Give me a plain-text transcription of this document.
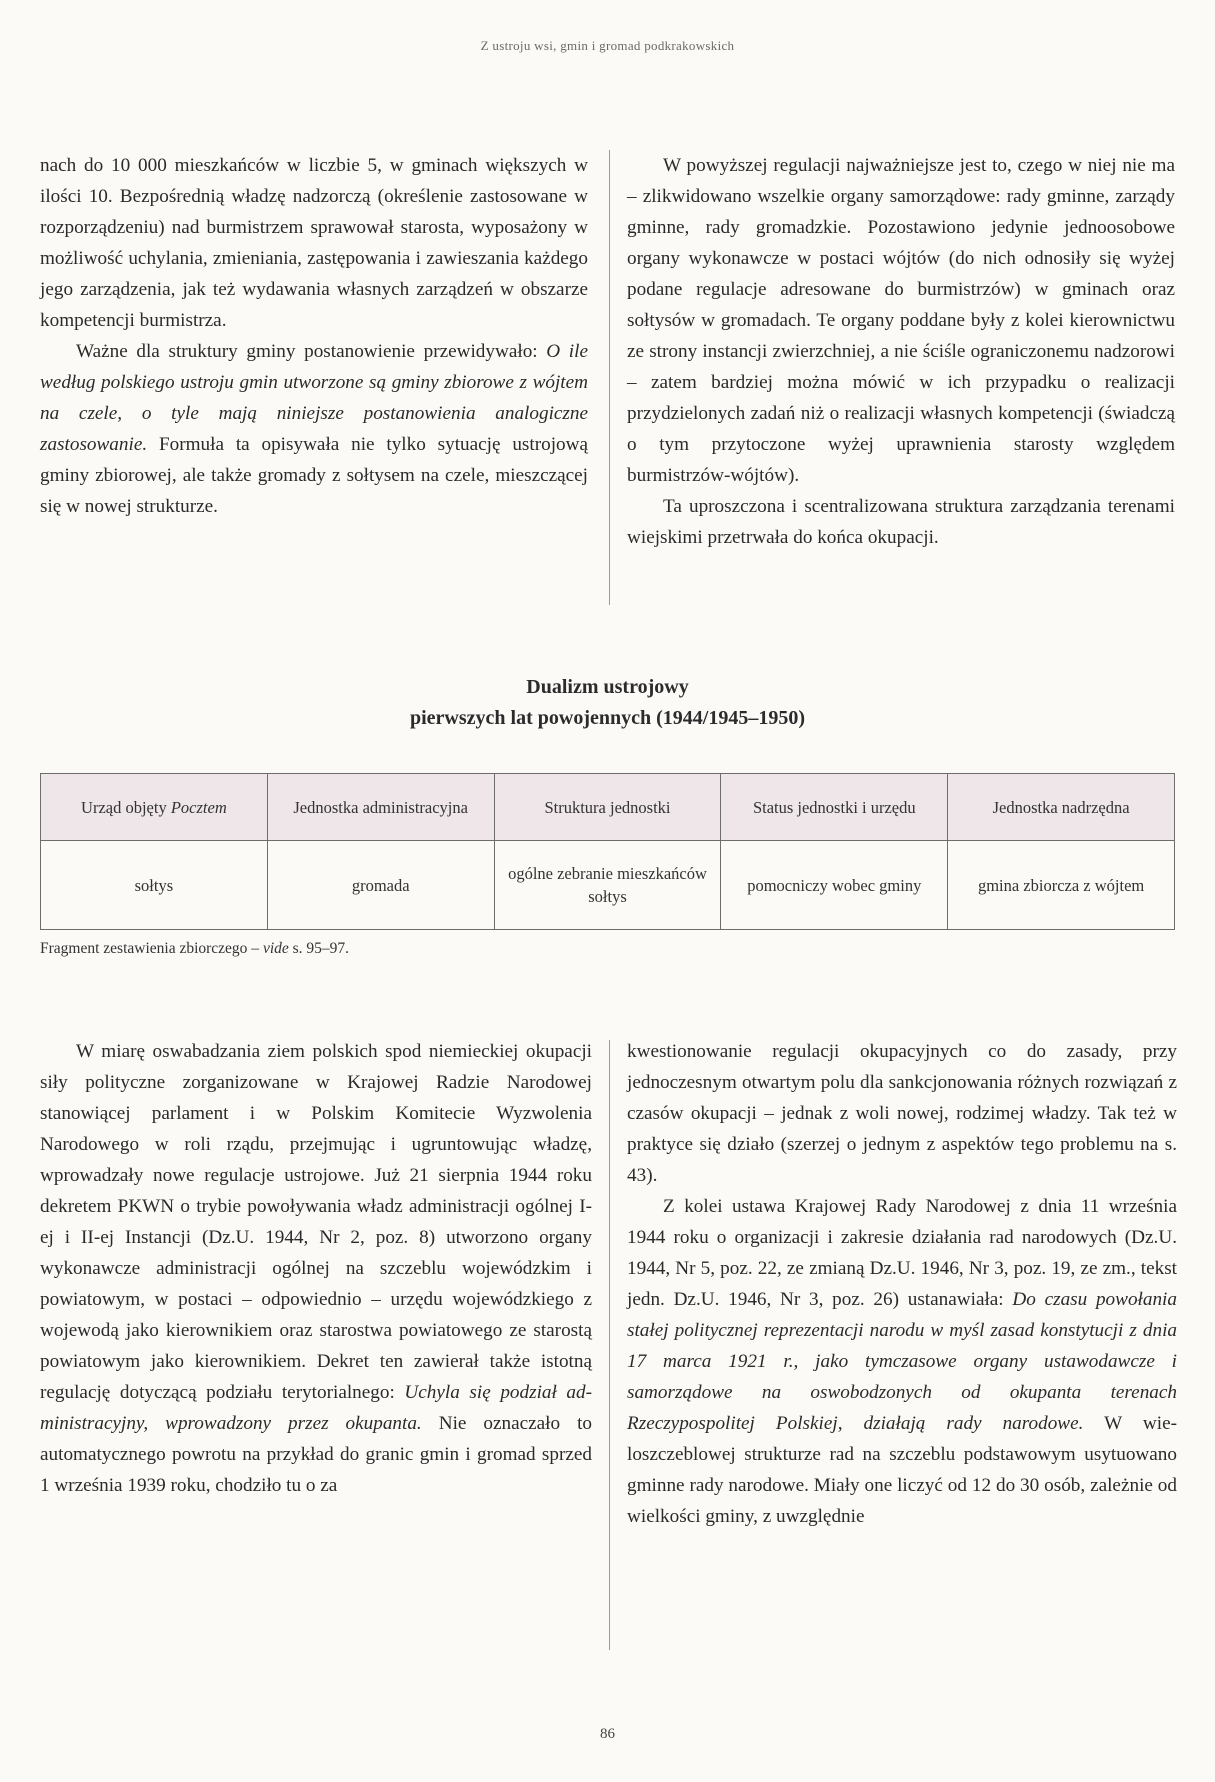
Z ustroju wsi, gmin i gromad podkrakowskich

nach do 10 000 mieszkańców w liczbie 5, w gminach większych w ilości 10. Bezpośrednią władzę nadzorczą (określenie zastosowane w rozporządzeniu) nad burmistrzem sprawował starosta, wyposażony w możliwość uchylania, zmieniania, zastępowania i zawieszania każdego jego zarządzenia, jak też wydawania własnych zarządzeń w obszarze kompetencji burmistrza.

Ważne dla struktury gminy postanowienie przewidywało: O ile według polskiego ustroju gmin utworzone są gminy zbiorowe z wójtem na czele, o tyle mają niniejsze postanowienia analogiczne zastosowanie. Formuła ta opisywała nie tylko sytuację ustrojową gminy zbiorowej, ale także gromady z sołtysem na czele, mieszczącej się w nowej strukturze.

W powyższej regulacji najważniejsze jest to, czego w niej nie ma – zlikwidowano wszelkie organy samorządowe: rady gminne, zarządy gminne, rady gromadzkie. Pozostawiono jedynie jednoosobowe organy wykonawcze w postaci wójtów (do nich odnosiły się wyżej podane regulacje adresowane do burmistrzów) w gminach oraz sołtysów w gromadach. Te organy poddane były z kolei kierownictwu ze strony instancji zwierzchniej, a nie ściśle ograniczonemu nadzorowi – zatem bardziej można mówić w ich przypadku o realizacji przydzielonych zadań niż o realizacji własnych kompetencji (świadczą o tym przytoczone wyżej uprawnienia starosty względem burmistrzów-wójtów).

Ta uproszczona i scentralizowana struktura zarządzania terenami wiejskimi przetrwała do końca okupacji.

Dualizm ustrojowy
pierwszych lat powojennych (1944/1945–1950)
Urząd objęty Pocztem	Jednostka administracyjna	Struktura jednostki	Status jednostki i urzędu	Jednostka nadrzędna
sołtys	gromada	ogólne zebranie mieszkańców sołtys	pomocniczy wobec gminy	gmina zbiorcza z wójtem
Fragment zestawienia zbiorczego – vide s. 95–97.

W miarę oswabadzania ziem polskich spod niemieckiej okupacji siły polityczne zorganizowane w Krajowej Radzie Narodowej stanowiącej parlament i w Polskim Komitecie Wyzwolenia Narodowego w roli rządu, przejmując i ugruntowując władzę, wprowadzały nowe regulacje ustrojowe. Już 21 sierpnia 1944 roku dekretem PKWN o trybie powoływania władz administracji ogólnej I-ej i II-ej Instancji (Dz.U. 1944, Nr 2, poz. 8) utworzono organy wykonawcze administracji ogólnej na szczeblu wojewódzkim i powiatowym, w postaci – odpowiednio – urzędu wojewódzkiego z wojewodą jako kierownikiem oraz starostwa powiatowego ze starostą powiatowym jako kierownikiem. Dekret ten zawierał także istotną regulację dotyczącą podziału terytorialnego: Uchyla się podział administracyjny, wprowadzony przez okupanta. Nie oznaczało to automatycznego powrotu na przykład do granic gmin i gromad sprzed 1 września 1939 roku, chodziło tu o za

kwestionowanie regulacji okupacyjnych co do zasady, przy jednoczesnym otwartym polu dla sankcjonowania różnych rozwiązań z czasów okupacji – jednak z woli nowej, rodzimej władzy. Tak też w praktyce się działo (szerzej o jednym z aspektów tego problemu na s. 43).

Z kolei ustawa Krajowej Rady Narodowej z dnia 11 września 1944 roku o organizacji i zakresie działania rad narodowych (Dz.U. 1944, Nr 5, poz. 22, ze zmianą Dz.U. 1946, Nr 3, poz. 19, ze zm., tekst jedn. Dz.U. 1946, Nr 3, poz. 26) ustanawiała: Do czasu powołania stałej politycznej reprezentacji narodu w myśl zasad konstytucji z dnia 17 marca 1921 r., jako tymczasowe organy ustawodawcze i samorządowe na oswobodzonych od okupanta terenach Rzeczypospolitej Polskiej, działają rady narodowe. W wieloszczeblowej strukturze rad na szczeblu podstawowym usytuowano gminne rady narodowe. Miały one liczyć od 12 do 30 osób, zależnie od wielkości gminy, z uwzględnie

86
